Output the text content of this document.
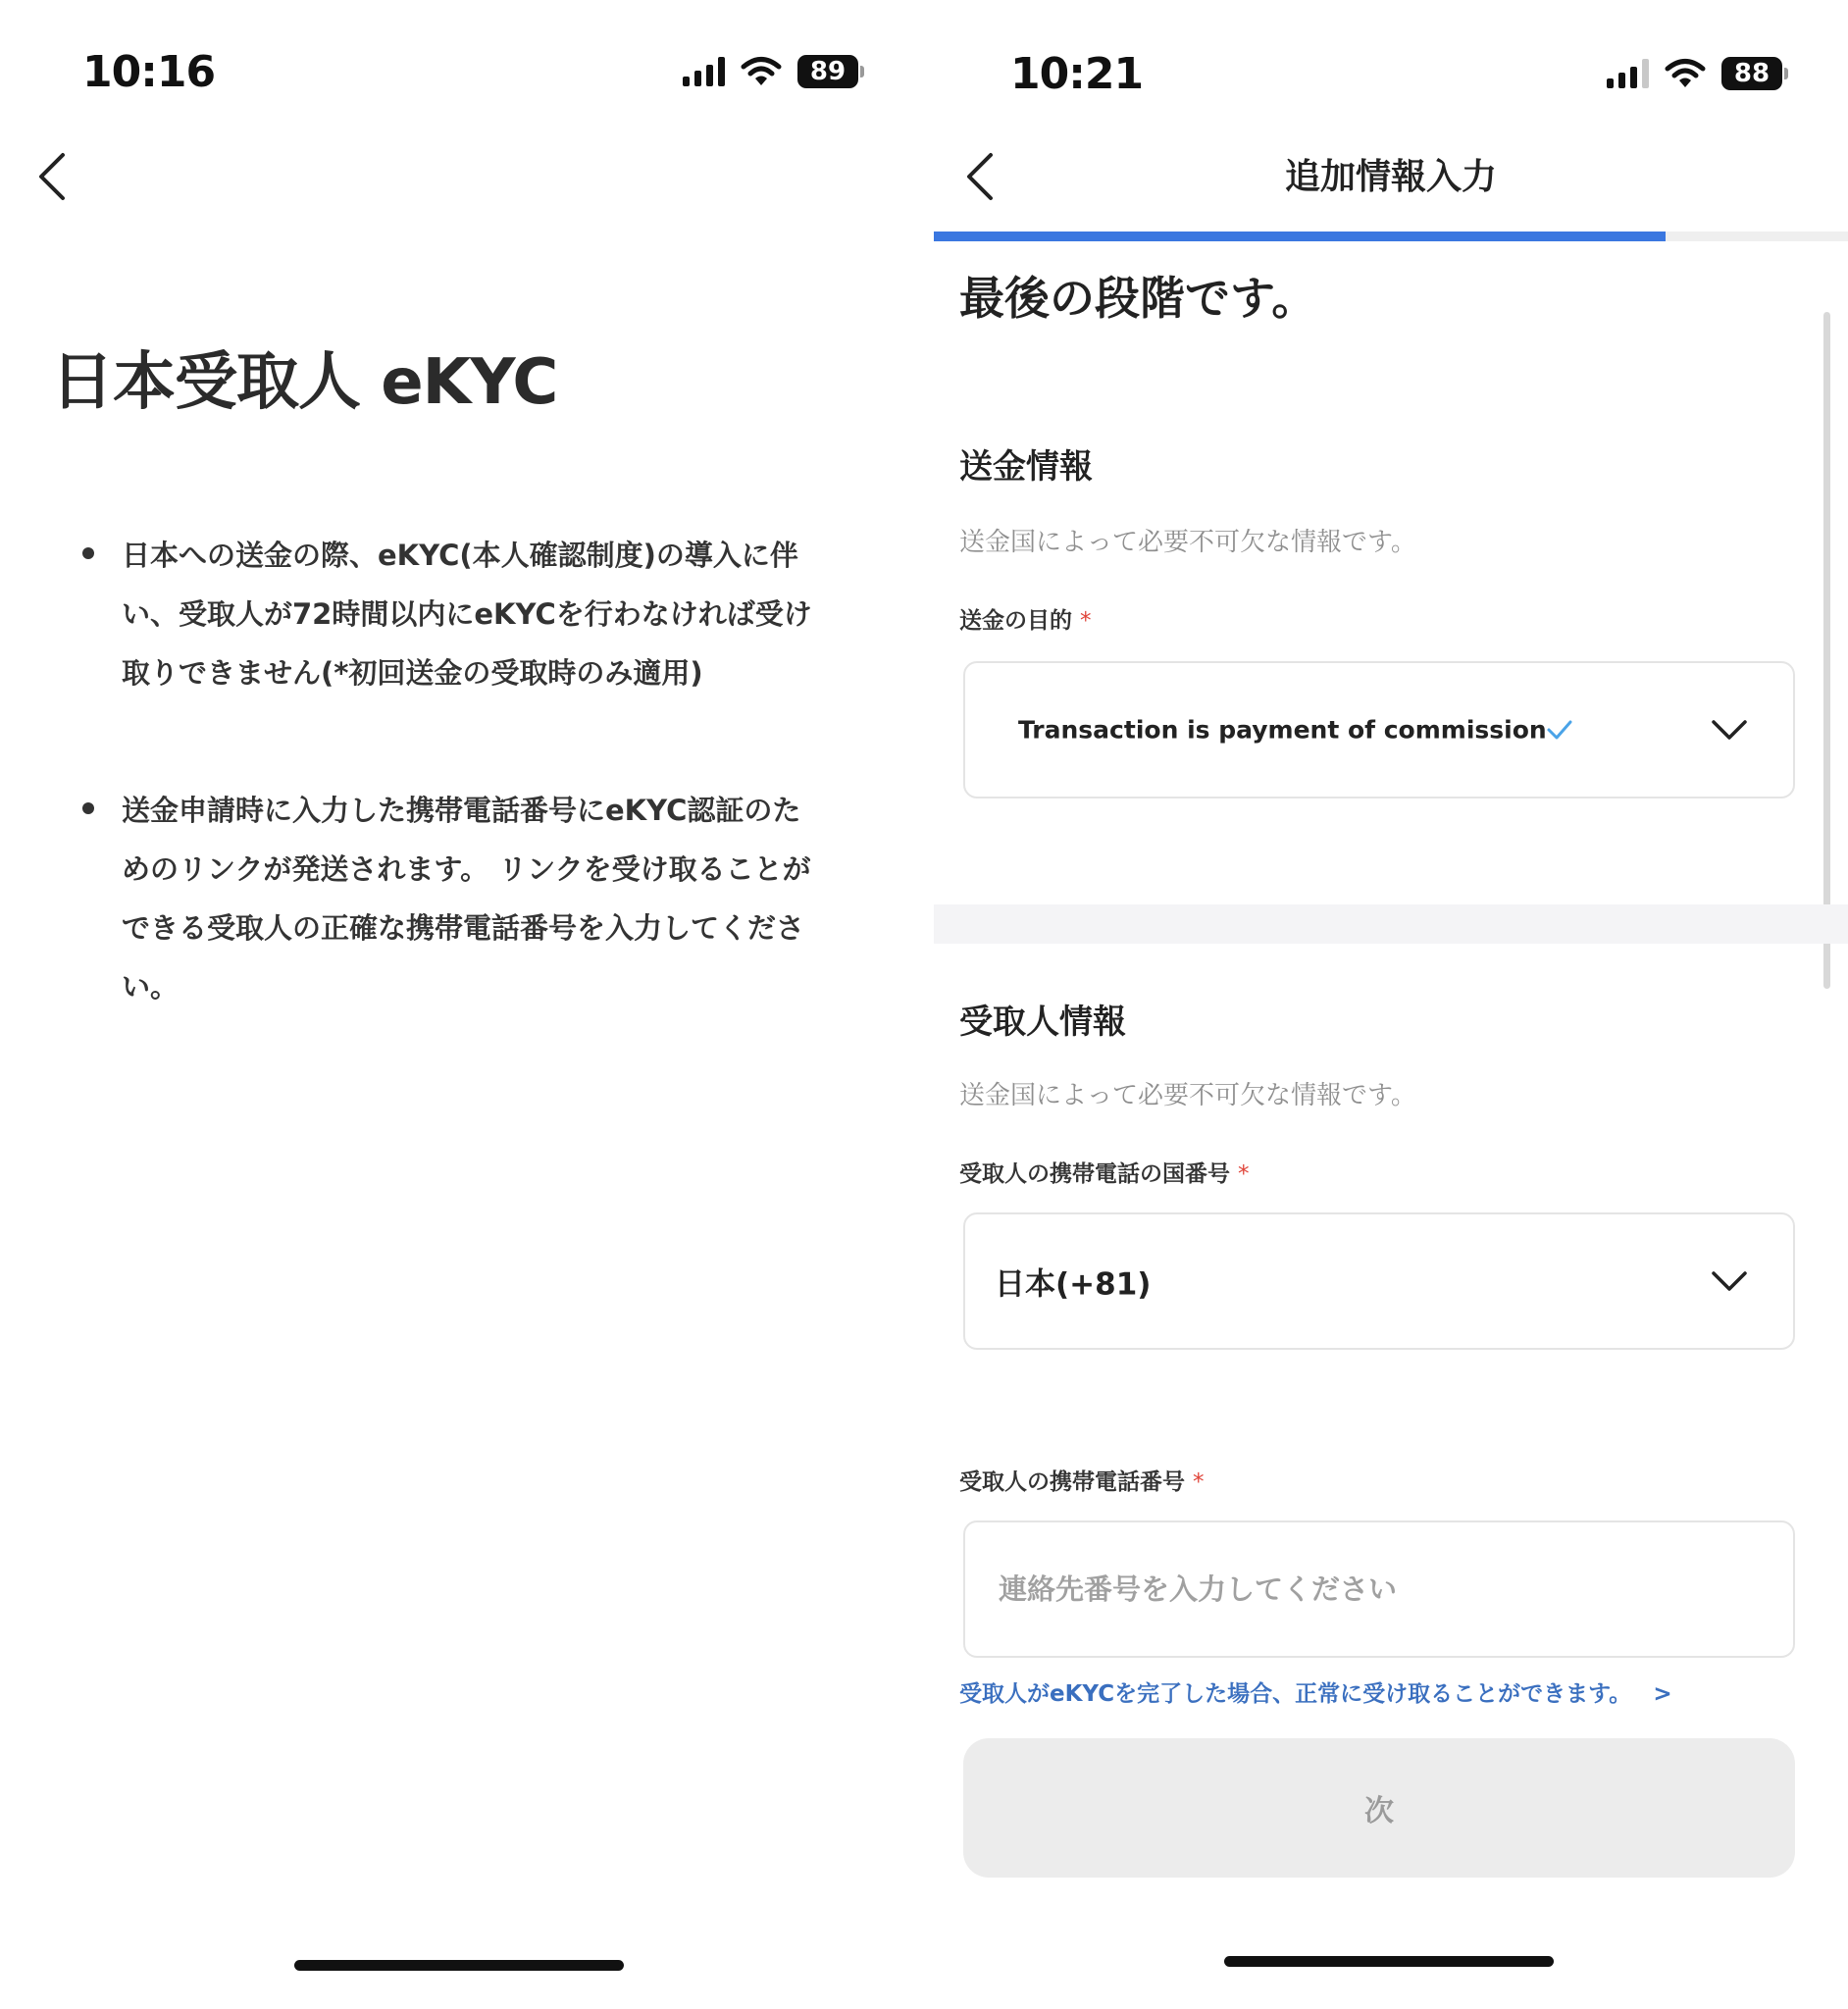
10:16	89
日本受取人 eKYC
日本への送金の際、eKYC(本人確認制度)の導入に伴い、受取人が72時間以内にeKYCを行わなければ受け取りできません(*初回送金の受取時のみ適用)
送金申請時に入力した携帯電話番号にeKYC認証のためのリンクが発送されます。 リンクを受け取ることができる受取人の正確な携帯電話番号を入力してください。
10:21	88
追加情報入力
最後の段階です。
送金情報
送金国によって必要不可欠な情報です。
送金の目的 *
Transaction is payment of commission
受取人情報
送金国によって必要不可欠な情報です。
受取人の携帯電話の国番号 *
日本(+81)
受取人の携帯電話番号 *
連絡先番号を入力してください
受取人がeKYCを完了した場合、正常に受け取ることができます。 >
次
